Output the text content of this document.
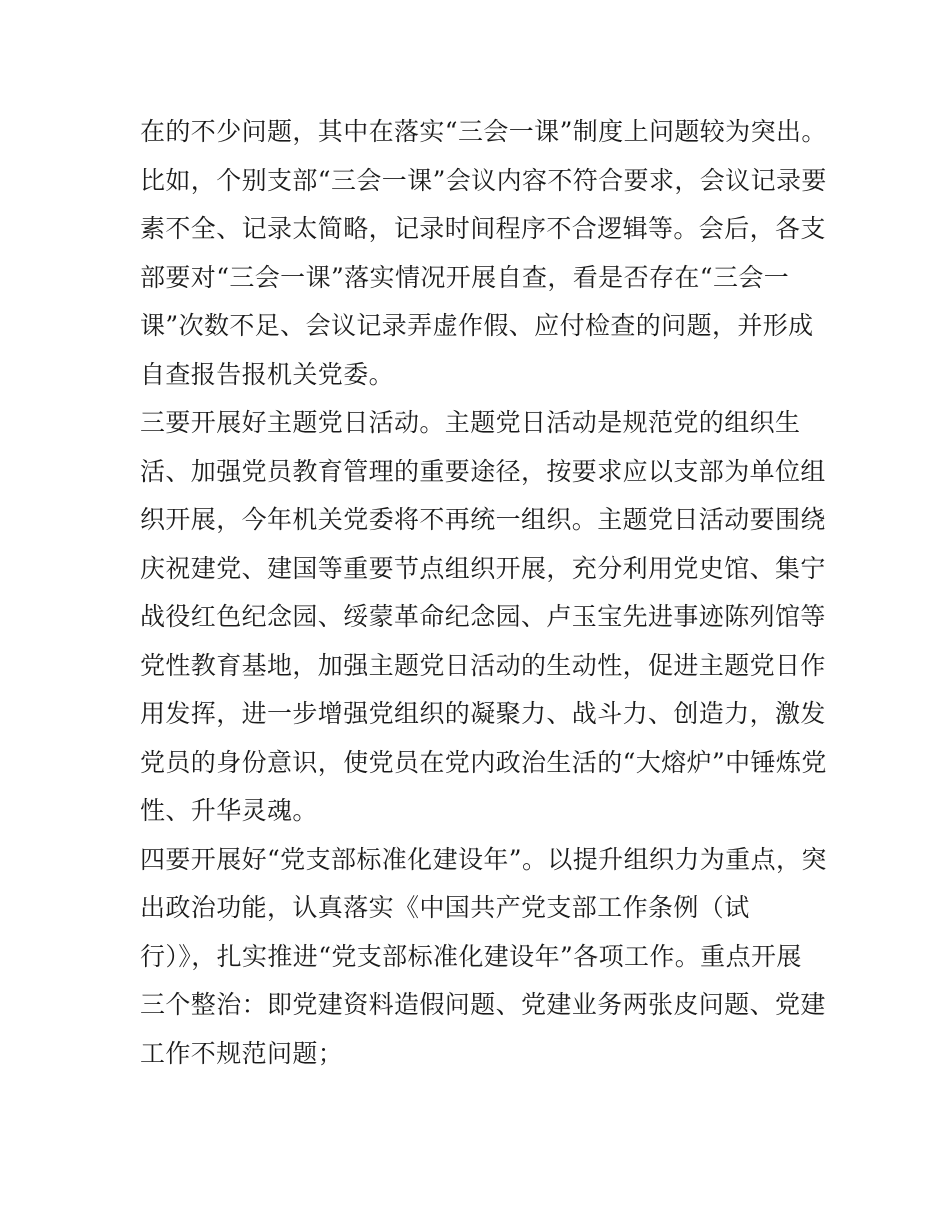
在的不少问题，其中在落实“三会一课”制度上问题较为突出。
比如，个别支部“三会一课”会议内容不符合要求，会议记录要
素不全、记录太简略，记录时间程序不合逻辑等。会后，各支
部要对“三会一课”落实情况开展自查，看是否存在“三会一
课”次数不足、会议记录弄虚作假、应付检查的问题，并形成
自查报告报机关党委。
三要开展好主题党日活动。主题党日活动是规范党的组织生
活、加强党员教育管理的重要途径，按要求应以支部为单位组
织开展，今年机关党委将不再统一组织。主题党日活动要围绕
庆祝建党、建国等重要节点组织开展，充分利用党史馆、集宁
战役红色纪念园、绥蒙革命纪念园、卢玉宝先进事迹陈列馆等
党性教育基地，加强主题党日活动的生动性，促进主题党日作
用发挥，进一步增强党组织的凝聚力、战斗力、创造力，激发
党员的身份意识，使党员在党内政治生活的“大熔炉”中锤炼党
性、升华灵魂。
四要开展好“党支部标准化建设年”。以提升组织力为重点，突
出政治功能，认真落实《中国共产党支部工作条例（试
行）》，扎实推进“党支部标准化建设年”各项工作。重点开展
三个整治：即党建资料造假问题、党建业务两张皮问题、党建
工作不规范问题；
